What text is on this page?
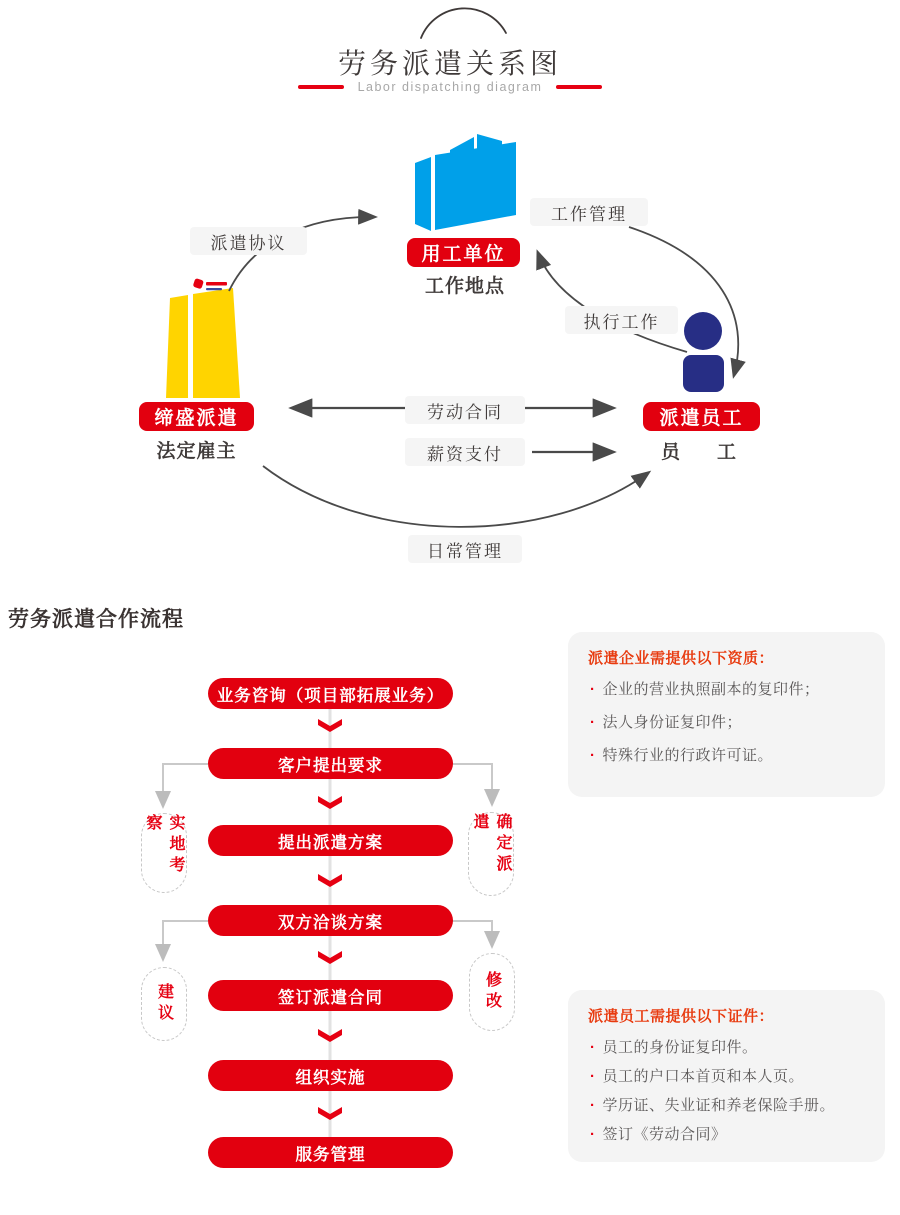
劳务派遣关系图
Labor dispatching diagram
派遣协议
工作管理
执行工作
劳动合同
薪资支付
日常管理
用工单位
工作地点
缔盛派遣
法定雇主
派遣员工
员　工
劳务派遣合作流程
业务咨询（项目部拓展业务）
客户提出要求
提出派遣方案
双方洽谈方案
签订派遣合同
组织实施
服务管理
实地考察	确定派遣
建议	修改
派遣企业需提供以下资质：
· 企业的营业执照副本的复印件；
· 法人身份证复印件；
· 特殊行业的行政许可证。
派遣员工需提供以下证件：
· 员工的身份证复印件。
· 员工的户口本首页和本人页。
· 学历证、失业证和养老保险手册。
· 签订《劳动合同》
